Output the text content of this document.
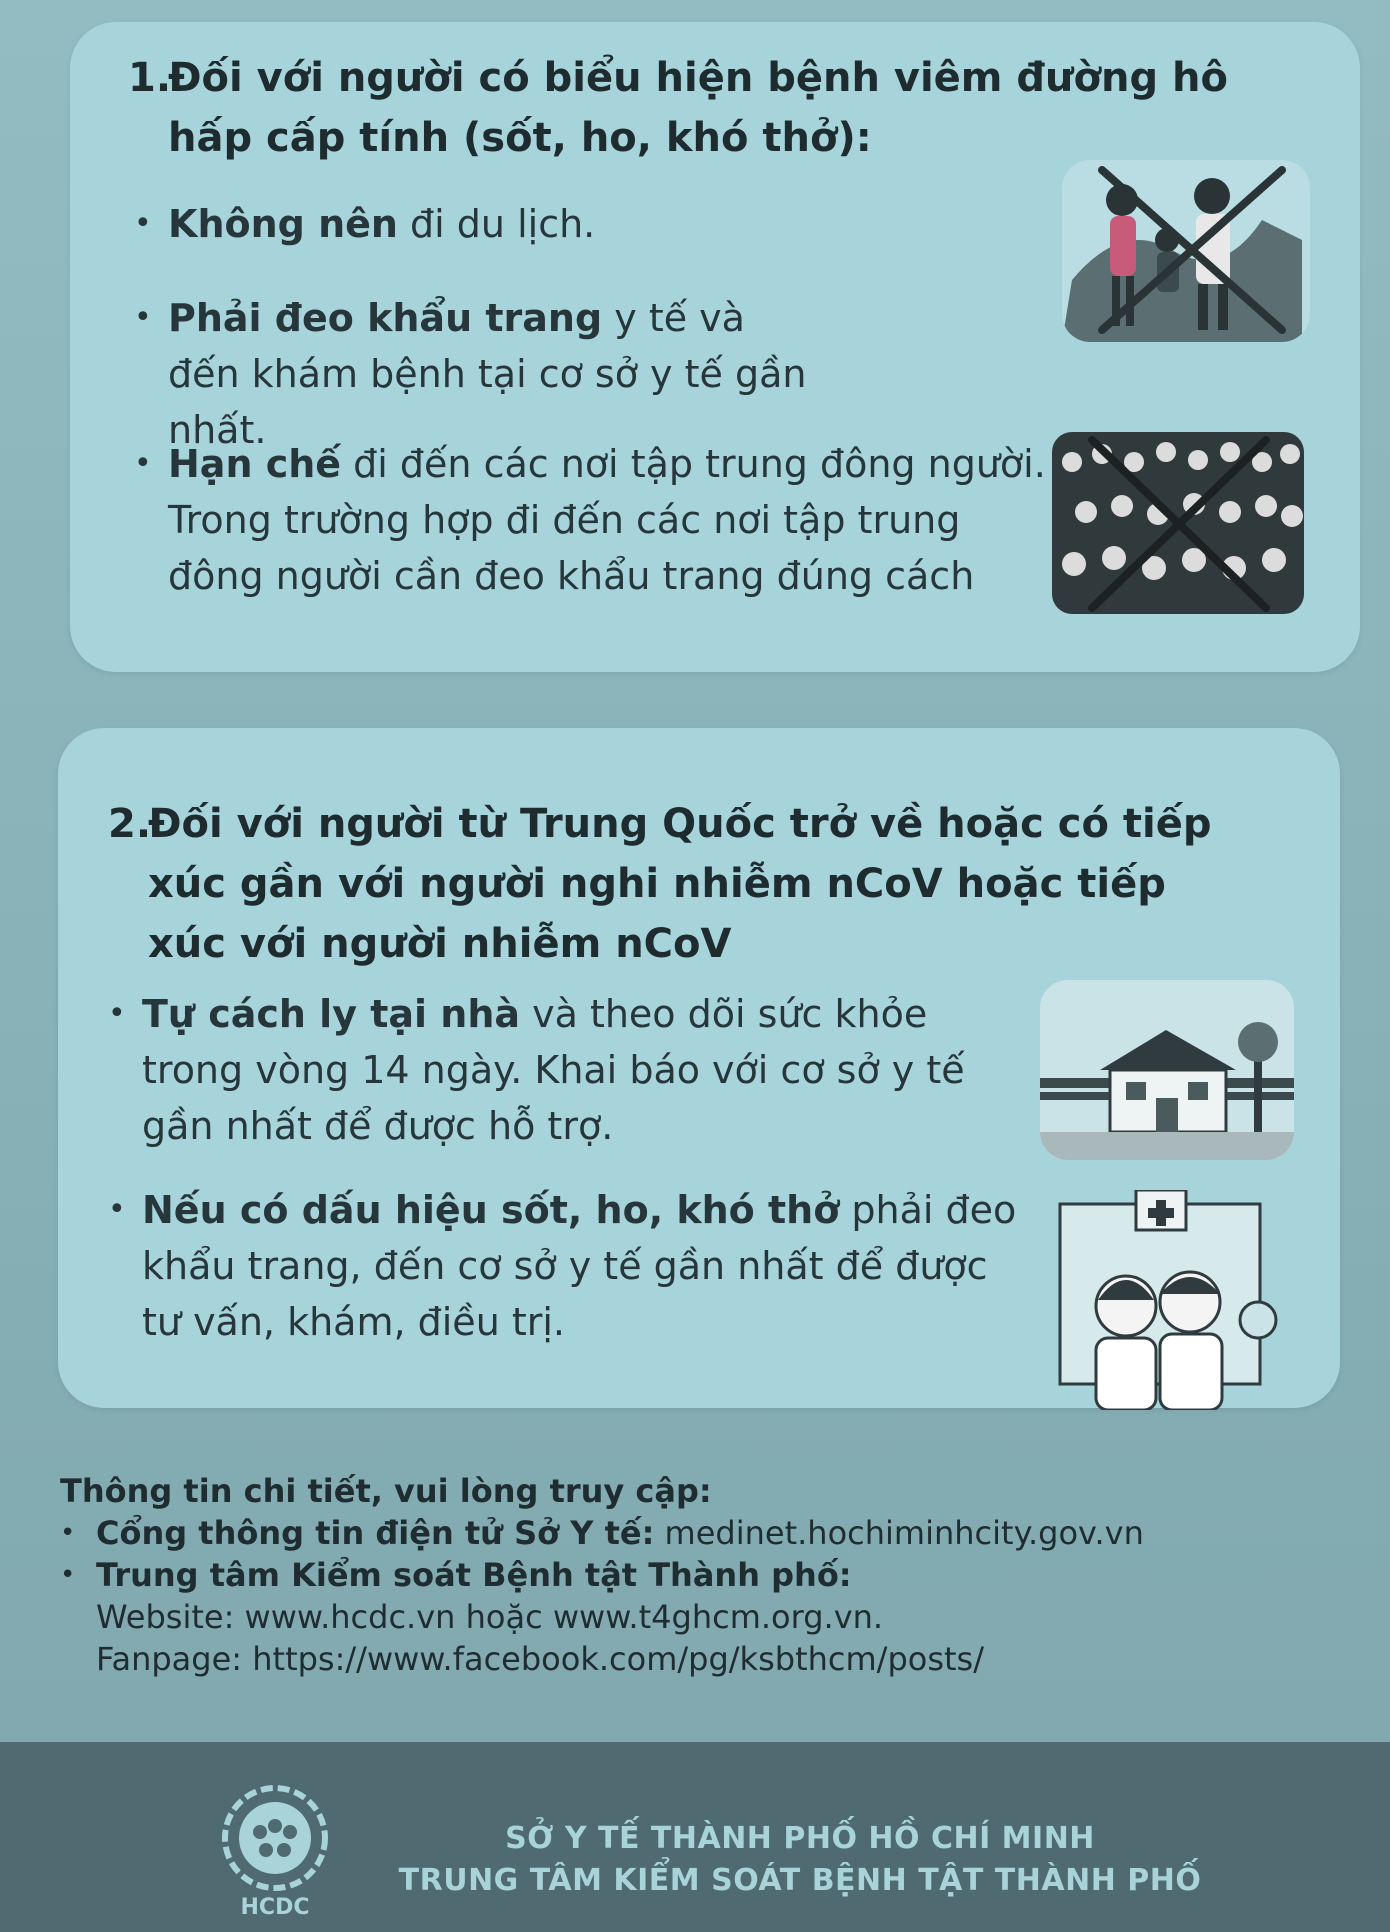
1.
Đối với người có biểu hiện bệnh viêm đường hô hấp cấp tính (sốt, ho, khó thở):
• Không nên đi du lịch.
• Phải đeo khẩu trang y tế và đến khám bệnh tại cơ sở y tế gần nhất.
• Hạn chế đi đến các nơi tập trung đông người. Trong trường hợp đi đến các nơi tập trung đông người cần đeo khẩu trang đúng cách
2.
Đối với người từ Trung Quốc trở về hoặc có tiếp xúc gần với người nghi nhiễm nCoV hoặc tiếp xúc với người nhiễm nCoV
• Tự cách ly tại nhà và theo dõi sức khỏe trong vòng 14 ngày. Khai báo với cơ sở y tế gần nhất để được hỗ trợ.
• Nếu có dấu hiệu sốt, ho, khó thở phải đeo khẩu trang, đến cơ sở y tế gần nhất để được tư vấn, khám, điều trị.
Thông tin chi tiết, vui lòng truy cập:
• Cổng thông tin điện tử Sở Y tế: medinet.hochiminhcity.gov.vn
• Trung tâm Kiểm soát Bệnh tật Thành phố:
Website: www.hcdc.vn hoặc www.t4ghcm.org.vn.
Fanpage: https://www.facebook.com/pg/ksbthcm/posts/
HCDC
SỞ Y TẾ THÀNH PHỐ HỒ CHÍ MINH
TRUNG TÂM KIỂM SOÁT BỆNH TẬT THÀNH PHỐ
